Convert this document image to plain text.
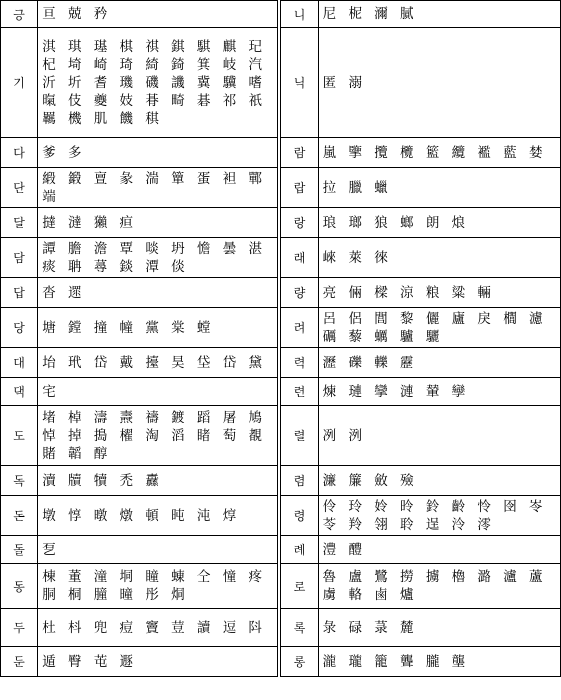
긍	亘 兢 矜		니	尼 柅 濔 膩
기	淇 琪 璂 棋 祺 錤 騏 麒 玘 杞 埼 崎 琦 綺 錡 箕 岐 汽 沂 圻 耆 璣 磯 譏 冀 驥 嗜 暣 伎 夔 妓 朞 畸 碁 祁 祇 羈 機 肌 饑 稘		닉	匿 溺
다	爹 多		람	嵐 擥 攬 欖 籃 纜 襤 藍 婪
단	緞 鍛 亶 彖 湍 簞 蛋 袒 鄲 端		랍	拉 臘 蠟
달	撻 澾 獺 疸		랑	琅 瑯 狼 螂 朗 烺
담	譚 膽 澹 覃 啖 坍 憺 曇 湛 痰 聃 蕁 錟 潭 倓		래	崍 萊 徠
답	沓 遝		량	亮 倆 樑 涼 粮 粱 輛
당	塘 鏜 撞 幢 黨 棠 螳		려	呂 侶 閭 黎 儷 廬 戾 櫚 濾 礪 藜 蠣 驢 驪
대	坮 玳 岱 戴 擡 昊 垈 岱 黛		력	瀝 礫 轢 靂
댁	宅		련	煉 璉 攣 漣 輦 孿
도	堵 棹 濤 燾 禱 鍍 蹈 屠 鳩 悼 掉 搗 櫂 淘 滔 睹 萄 覩 賭 韜 醇		렬	冽 洌
독	瀆 牘 犢 禿 纛		렴	濂 簾 斂 殮
돈	墩 惇 暾 燉 頓 旽 沌 焞		령	伶 玲 姈 昤 鈴 齡 怜 囹 岺 苓 羚 翎 聆 逞 泠 澪
돌	乭		례	澧 醴
동	棟 董 潼 垌 瞳 蝀 仝 憧 疼 胴 桐 朣 曈 彤 烔		로	魯 盧 鷺 撈 擄 櫓 潞 瀘 蘆 虜 輅 鹵 爐
두	杜 枓 兜 痘 竇 荳 讀 逗 阧		록	彔 碌 菉 麓
둔	遁 臀 芚 遯		롱	瀧 瓏 籠 聾 朧 壟
